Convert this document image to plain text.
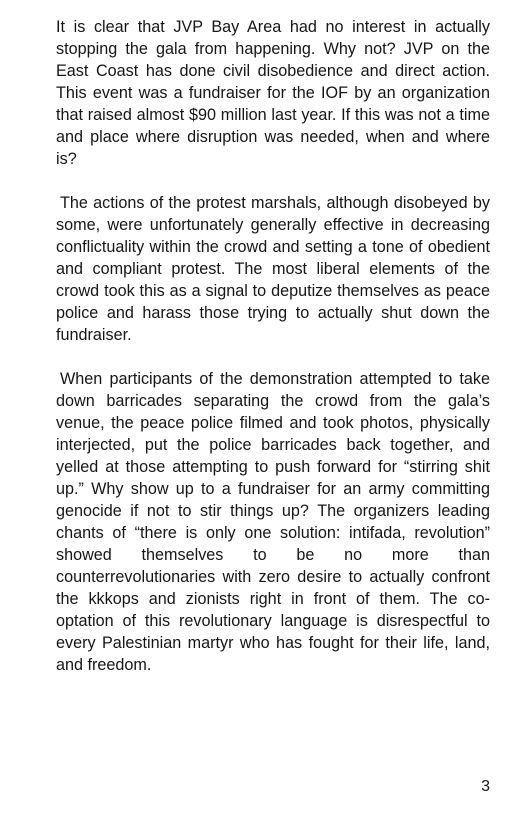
It is clear that JVP Bay Area had no interest in actually stopping the gala from happening. Why not? JVP on the East Coast has done civil disobedience and direct action. This event was a fundraiser for the IOF by an organization that raised almost $90 million last year. If this was not a time and place where disruption was needed, when and where is?

The actions of the protest marshals, although disobeyed by some, were unfortunately generally effective in decreasing conflictuality within the crowd and setting a tone of obedient and compliant protest. The most liberal elements of the crowd took this as a signal to deputize themselves as peace police and harass those trying to actually shut down the fundraiser.

When participants of the demonstration attempted to take down barricades separating the crowd from the gala’s venue, the peace police filmed and took photos, physically interjected, put the police barricades back together, and yelled at those attempting to push forward for “stirring shit up.” Why show up to a fundraiser for an army committing genocide if not to stir things up? The organizers leading chants of “there is only one solution: intifada, revolution” showed themselves to be no more than counterrevolutionaries with zero desire to actually confront the kkkops and zionists right in front of them. The co-optation of this revolutionary language is disrespectful to every Palestinian martyr who has fought for their life, land, and freedom.

3
